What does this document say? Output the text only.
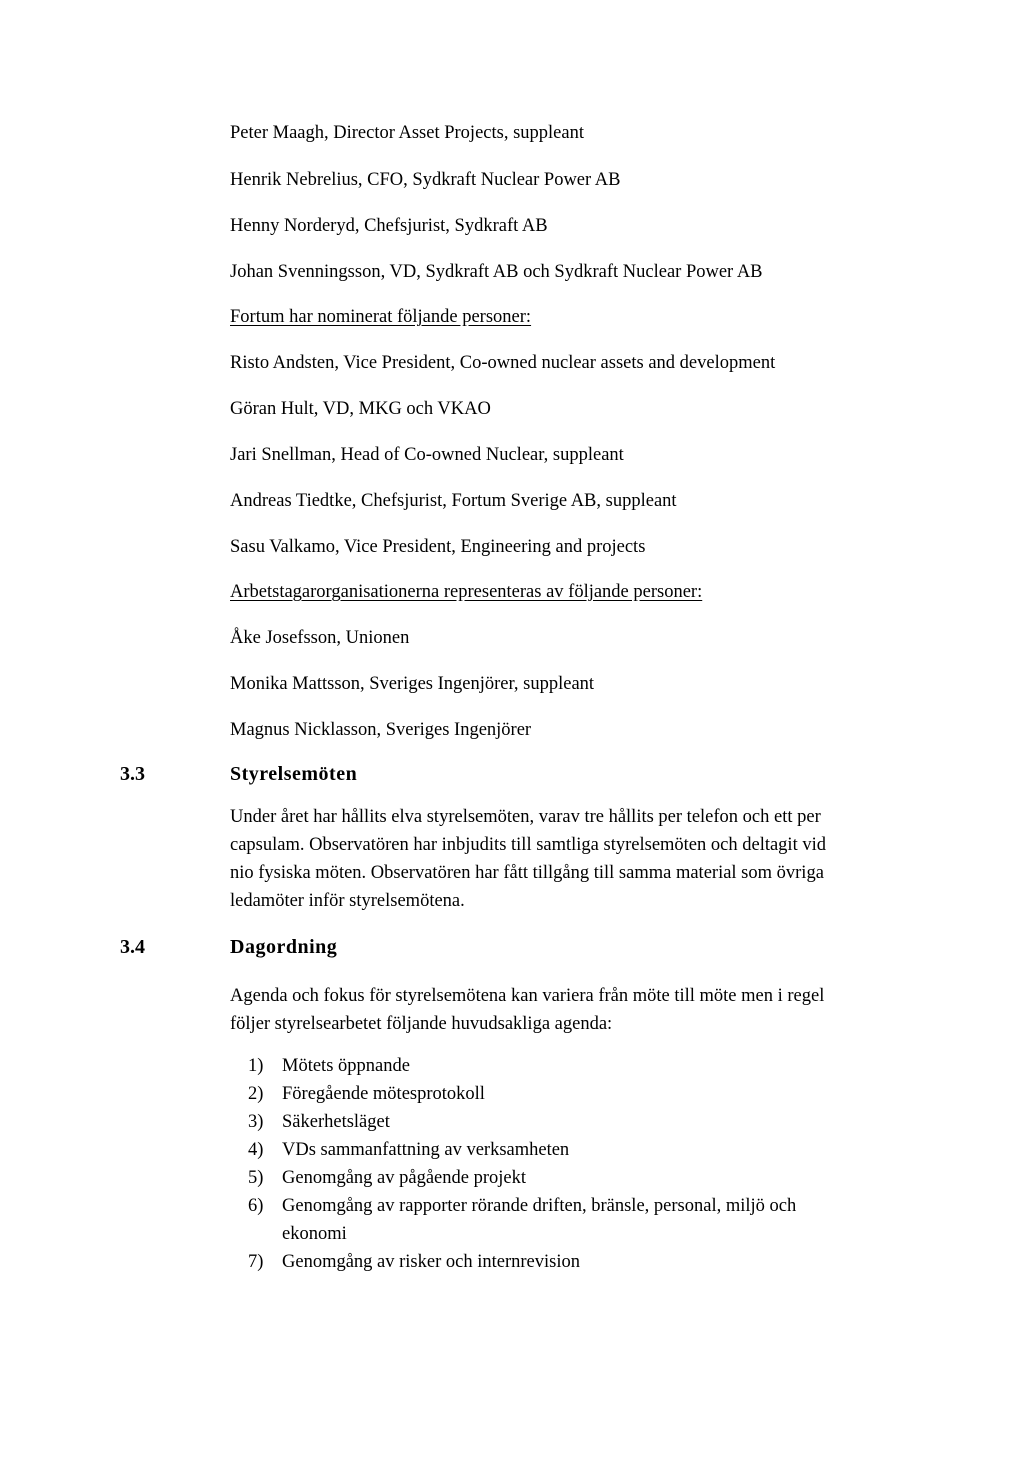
Peter Maagh, Director Asset Projects, suppleant
Henrik Nebrelius, CFO, Sydkraft Nuclear Power AB
Henny Norderyd, Chefsjurist, Sydkraft AB
Johan Svenningsson, VD, Sydkraft AB och Sydkraft Nuclear Power AB
Fortum har nominerat följande personer:
Risto Andsten, Vice President, Co-owned nuclear assets and development
Göran Hult, VD, MKG och VKAO
Jari Snellman, Head of Co-owned Nuclear, suppleant
Andreas Tiedtke, Chefsjurist, Fortum Sverige AB, suppleant
Sasu Valkamo, Vice President, Engineering and projects
Arbetstagarorganisationerna representeras av följande personer:
Åke Josefsson, Unionen
Monika Mattsson, Sveriges Ingenjörer, suppleant
Magnus Nicklasson, Sveriges Ingenjörer
3.3	Styrelsemöten
Under året har hållits elva styrelsemöten, varav tre hållits per telefon och ett per
capsulam. Observatören har inbjudits till samtliga styrelsemöten och deltagit vid
nio fysiska möten. Observatören har fått tillgång till samma material som övriga
ledamöter inför styrelsemötena.
3.4	Dagordning
Agenda och fokus för styrelsemötena kan variera från möte till möte men i regel
följer styrelsearbetet följande huvudsakliga agenda:
1) Mötets öppnande
2) Föregående mötesprotokoll
3) Säkerhetsläget
4) VDs sammanfattning av verksamheten
5) Genomgång av pågående projekt
6) Genomgång av rapporter rörande driften, bränsle, personal, miljö och
ekonomi
7) Genomgång av risker och internrevision
